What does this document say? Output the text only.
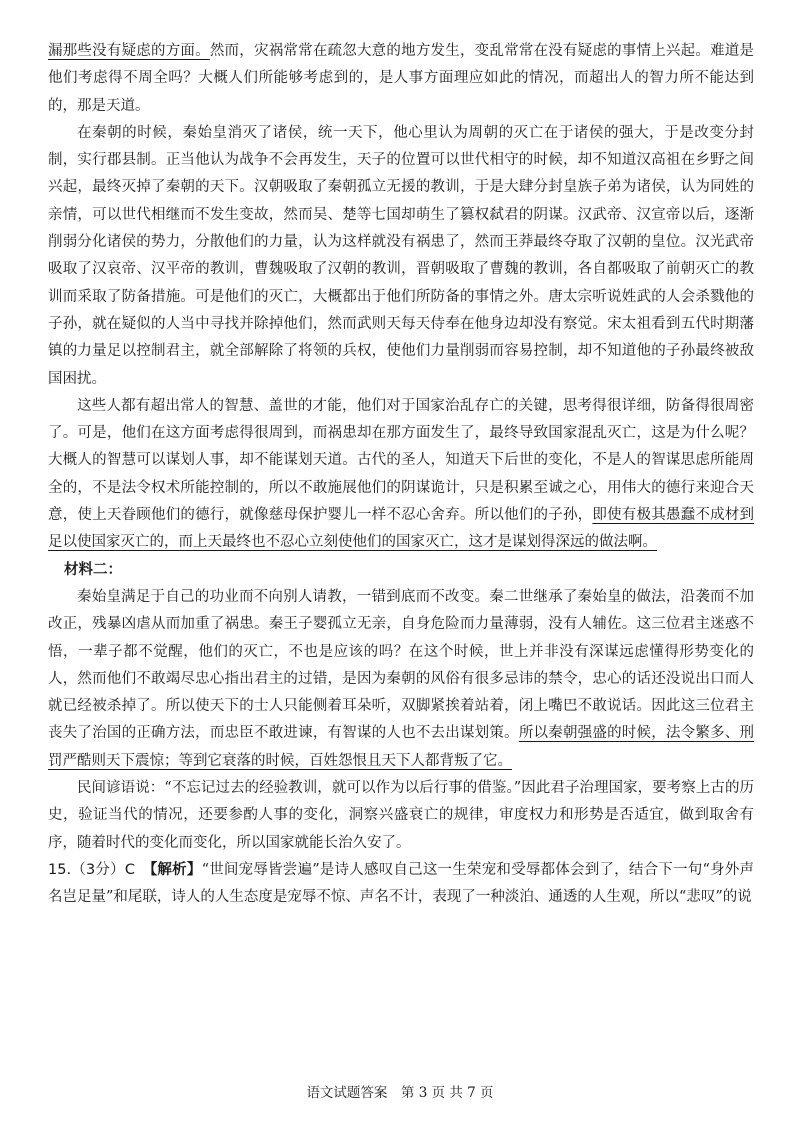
漏那些没有疑虑的方面。然而，灾祸常常在疏忽大意的地方发生，变乱常常在没有疑虑的事情上兴起。难道是他们考虑得不周全吗？大概人们所能够考虑到的，是人事方面理应如此的情况，而超出人的智力所不能达到的，那是天道。

在秦朝的时候，秦始皇消灭了诸侯，统一天下，他心里认为周朝的灭亡在于诸侯的强大，于是改变分封制，实行郡县制。正当他认为战争不会再发生，天子的位置可以世代相守的时候，却不知道汉高祖在乡野之间兴起，最终灭掉了秦朝的天下。汉朝吸取了秦朝孤立无援的教训，于是大肆分封皇族子弟为诸侯，认为同姓的亲情，可以世代相继而不发生变故，然而吴、楚等七国却萌生了篡权弑君的阴谋。汉武帝、汉宣帝以后，逐渐削弱分化诸侯的势力，分散他们的力量，认为这样就没有祸患了，然而王莽最终夺取了汉朝的皇位。汉光武帝吸取了汉哀帝、汉平帝的教训，曹魏吸取了汉朝的教训，晋朝吸取了曹魏的教训，各自都吸取了前朝灭亡的教训而采取了防备措施。可是他们的灭亡，大概都出于他们所防备的事情之外。唐太宗听说姓武的人会杀戮他的子孙，就在疑似的人当中寻找并除掉他们，然而武则天每天侍奉在他身边却没有察觉。宋太祖看到五代时期藩镇的力量足以控制君主，就全部解除了将领的兵权，使他们力量削弱而容易控制，却不知道他的子孙最终被敌国困扰。

这些人都有超出常人的智慧、盖世的才能，他们对于国家治乱存亡的关键，思考得很详细，防备得很周密了。可是，他们在这方面考虑得很周到，而祸患却在那方面发生了，最终导致国家混乱灭亡，这是为什么呢？大概人的智慧可以谋划人事，却不能谋划天道。古代的圣人，知道天下后世的变化，不是人的智谋思虑所能周全的，不是法令权术所能控制的，所以不敢施展他们的阴谋诡计，只是积累至诚之心，用伟大的德行来迎合天意，使上天眷顾他们的德行，就像慈母保护婴儿一样不忍心舍弃。所以他们的子孙，即使有极其愚蠢不成材到足以使国家灭亡的，而上天最终也不忍心立刻使他们的国家灭亡，这才是谋划得深远的做法啊。

材料二：

秦始皇满足于自己的功业而不向别人请教，一错到底而不改变。秦二世继承了秦始皇的做法，沿袭而不加改正，残暴凶虐从而加重了祸患。秦王子婴孤立无亲，自身危险而力量薄弱，没有人辅佐。这三位君主迷惑不悟，一辈子都不觉醒，他们的灭亡，不也是应该的吗？在这个时候，世上并非没有深谋远虑懂得形势变化的人，然而他们不敢竭尽忠心指出君主的过错，是因为秦朝的风俗有很多忌讳的禁令，忠心的话还没说出口而人就已经被杀掉了。所以使天下的士人只能侧着耳朵听，双脚紧挨着站着，闭上嘴巴不敢说话。因此这三位君主丧失了治国的正确方法，而忠臣不敢进谏，有智谋的人也不去出谋划策。所以秦朝强盛的时候，法令繁多、刑罚严酷则天下震惊；等到它衰落的时候，百姓怨恨且天下人都背叛了它。

民间谚语说：“不忘记过去的经验教训，就可以作为以后行事的借鉴。”因此君子治理国家，要考察上古的历史，验证当代的情况，还要参酌人事的变化，洞察兴盛衰亡的规律，审度权力和形势是否适宜，做到取舍有序，随着时代的变化而变化，所以国家就能长治久安了。

15.（3分）C　 【解析】“世间宠辱皆尝遍”是诗人感叹自己这一生荣宠和受辱都体会到了，结合下一句“身外声名岂足量”和尾联，诗人的人生态度是宠辱不惊、声名不计，表现了一种淡泊、通透的人生观，所以“悲叹”的说

语文试题答案　第 3 页 共 7 页
